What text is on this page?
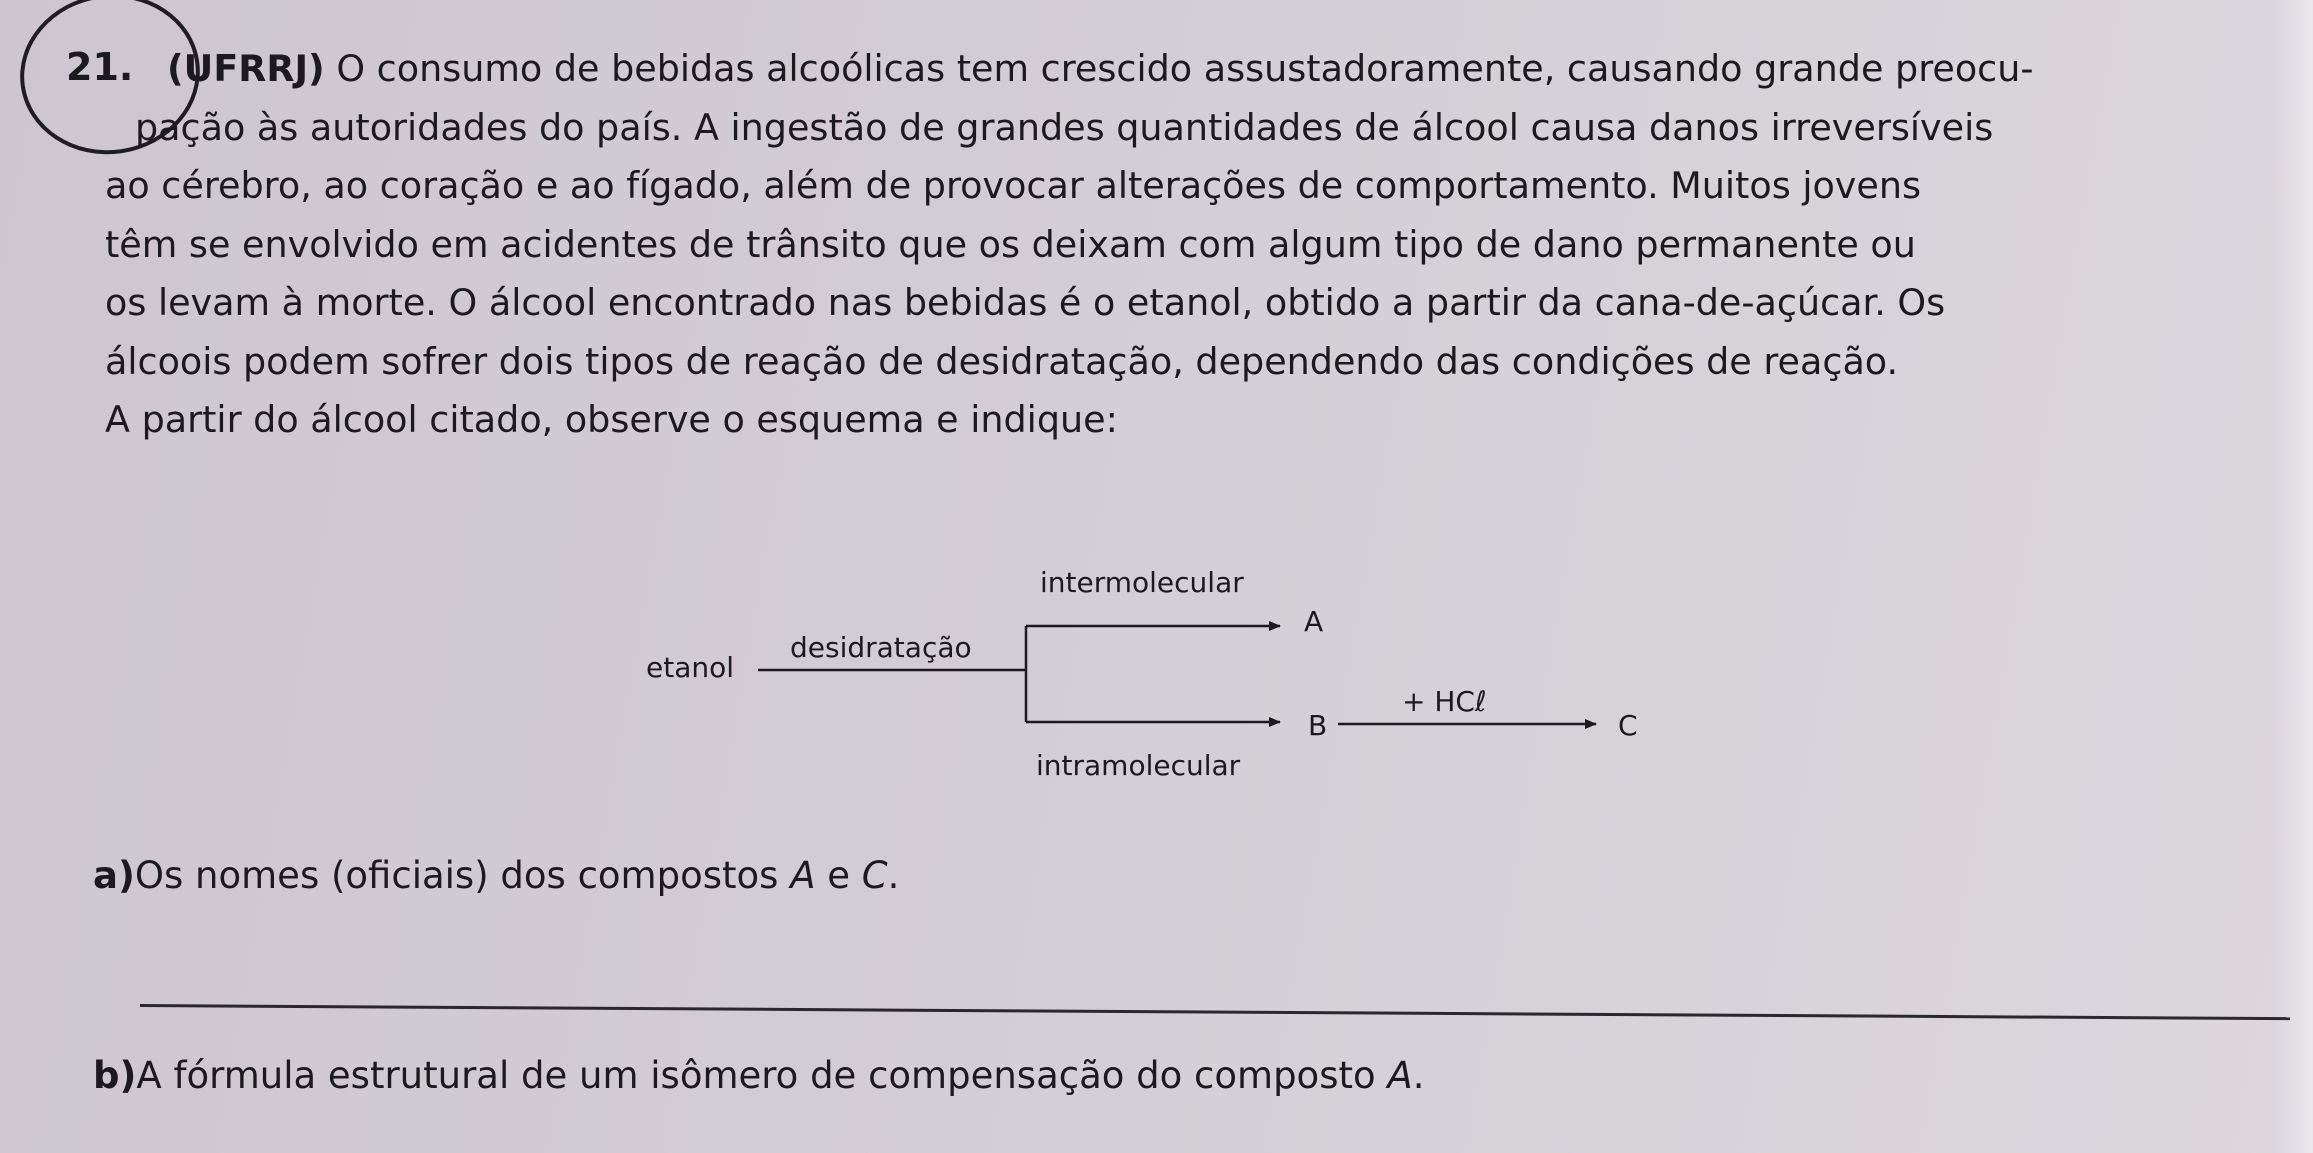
21. (UFRRJ) O consumo de bebidas alcoólicas tem crescido assustadoramente, causando grande preocu-
pação às autoridades do país. A ingestão de grandes quantidades de álcool causa danos irreversíveis
ao cérebro, ao coração e ao fígado, além de provocar alterações de comportamento. Muitos jovens
têm se envolvido em acidentes de trânsito que os deixam com algum tipo de dano permanente ou
os levam à morte. O álcool encontrado nas bebidas é o etanol, obtido a partir da cana-de-açúcar. Os
álcoois podem sofrer dois tipos de reação de desidratação, dependendo das condições de reação.
A partir do álcool citado, observe o esquema e indique:

intermolecular
A
desidratação
etanol
+ HCℓ
B	C
intramolecular
a)Os nomes (oficiais) dos compostos A e C.
b)A fórmula estrutural de um isômero de compensação do composto A.
